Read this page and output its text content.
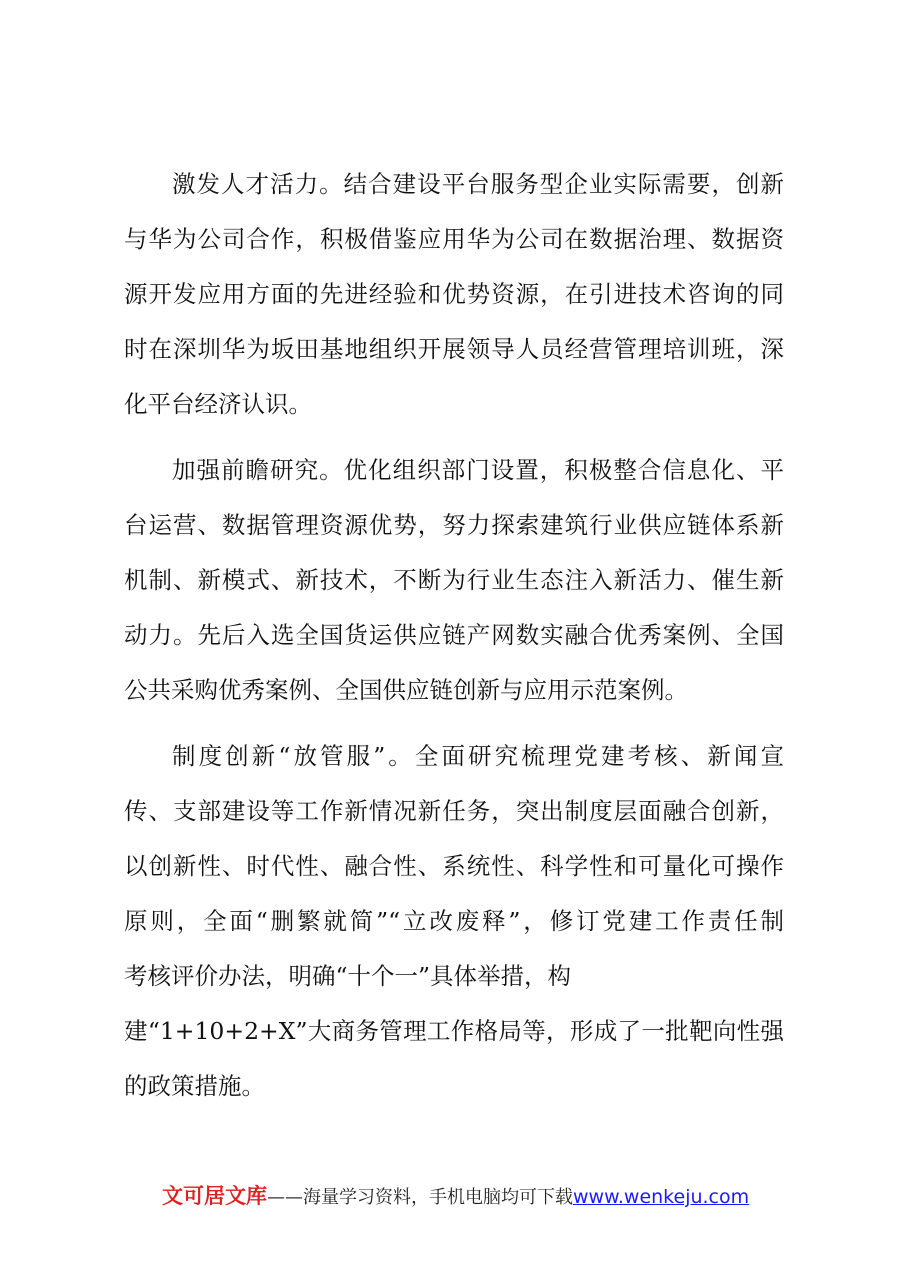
激发人才活力。结合建设平台服务型企业实际需要，创新
与华为公司合作，积极借鉴应用华为公司在数据治理、数据资
源开发应用方面的先进经验和优势资源，在引进技术咨询的同
时在深圳华为坂田基地组织开展领导人员经营管理培训班，深
化平台经济认识。
加强前瞻研究。优化组织部门设置，积极整合信息化、平
台运营、数据管理资源优势，努力探索建筑行业供应链体系新
机制、新模式、新技术，不断为行业生态注入新活力、催生新
动力。先后入选全国货运供应链产网数实融合优秀案例、全国
公共采购优秀案例、全国供应链创新与应用示范案例。
制度创新“放管服”。全面研究梳理党建考核、新闻宣
传、支部建设等工作新情况新任务，突出制度层面融合创新，
以创新性、时代性、融合性、系统性、科学性和可量化可操作
原则，全面“删繁就简”“立改废释”，修订党建工作责任制
考核评价办法，明确“十个一”具体举措，构
建“1+10+2+X”大商务管理工作格局等，形成了一批靶向性强
的政策措施。
文可居文库——海量学习资料，手机电脑均可下载www.wenkeju.com
